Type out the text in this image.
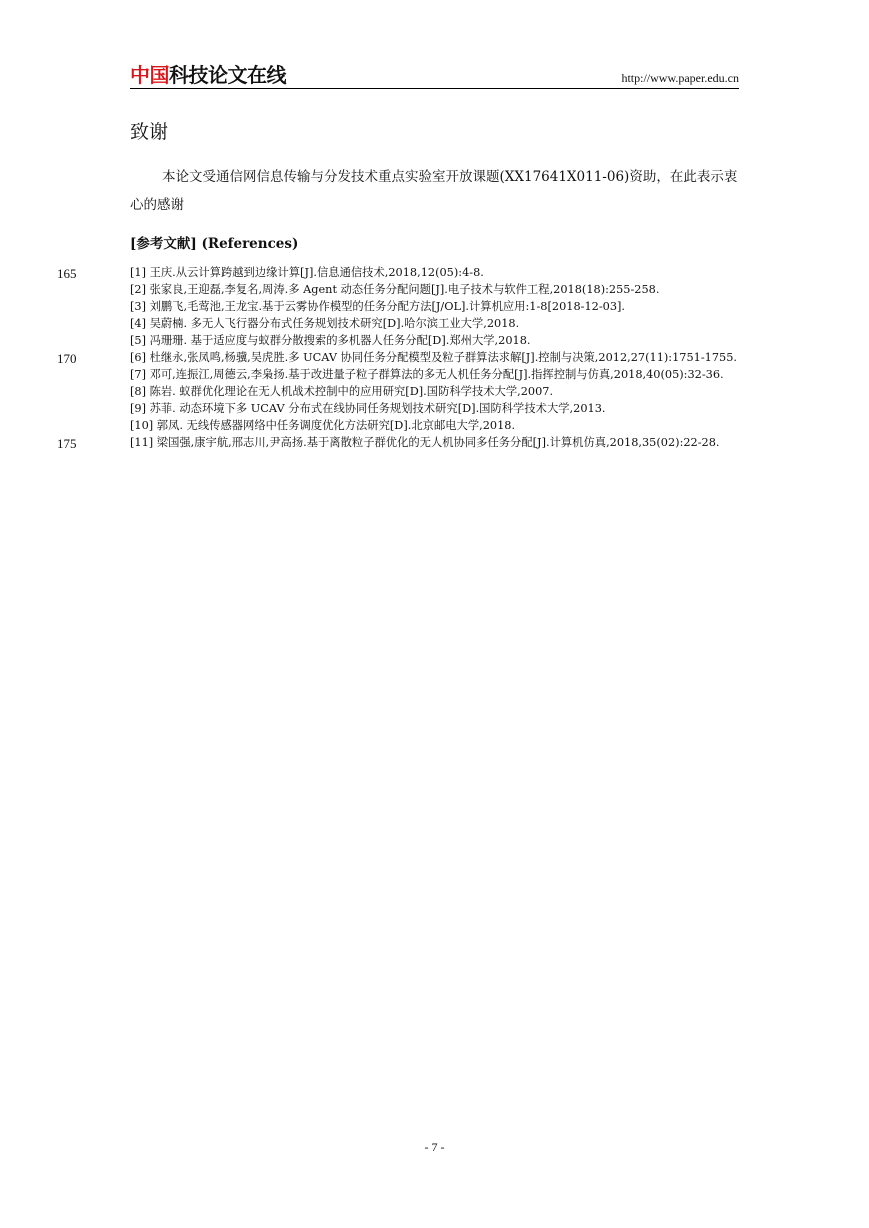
中国科技论文在线	http://www.paper.edu.cn
致谢

本论文受通信网信息传输与分发技术重点实验室开放课题(XX17641X011-06)资助，在此表示衷心的感谢

[参考文献] (References)
165
170
175
[1] 王庆.从云计算跨越到边缘计算[J].信息通信技术,2018,12(05):4-8.
[2] 张家良,王迎磊,李复名,周涛.多 Agent 动态任务分配问题[J].电子技术与软件工程,2018(18):255-258.
[3] 刘鹏飞,毛莺池,王龙宝.基于云雾协作模型的任务分配方法[J/OL].计算机应用:1-8[2018-12-03].
[4] 吴蔚楠. 多无人飞行器分布式任务规划技术研究[D].哈尔滨工业大学,2018.
[5] 冯珊珊. 基于适应度与蚁群分散搜索的多机器人任务分配[D].郑州大学,2018.
[6] 杜继永,张凤鸣,杨骥,吴虎胜.多 UCAV 协同任务分配模型及粒子群算法求解[J].控制与决策,2012,27(11):1751-1755.
[7] 邓可,连振江,周德云,李枭扬.基于改进量子粒子群算法的多无人机任务分配[J].指挥控制与仿真,2018,40(05):32-36.
[8] 陈岩. 蚁群优化理论在无人机战术控制中的应用研究[D].国防科学技术大学,2007.
[9] 苏菲. 动态环境下多 UCAV 分布式在线协同任务规划技术研究[D].国防科学技术大学,2013.
[10] 郭凤. 无线传感器网络中任务调度优化方法研究[D].北京邮电大学,2018.
[11] 梁国强,康宇航,邢志川,尹高扬.基于离散粒子群优化的无人机协同多任务分配[J].计算机仿真,2018,35(02):22-28.
- 7 -
